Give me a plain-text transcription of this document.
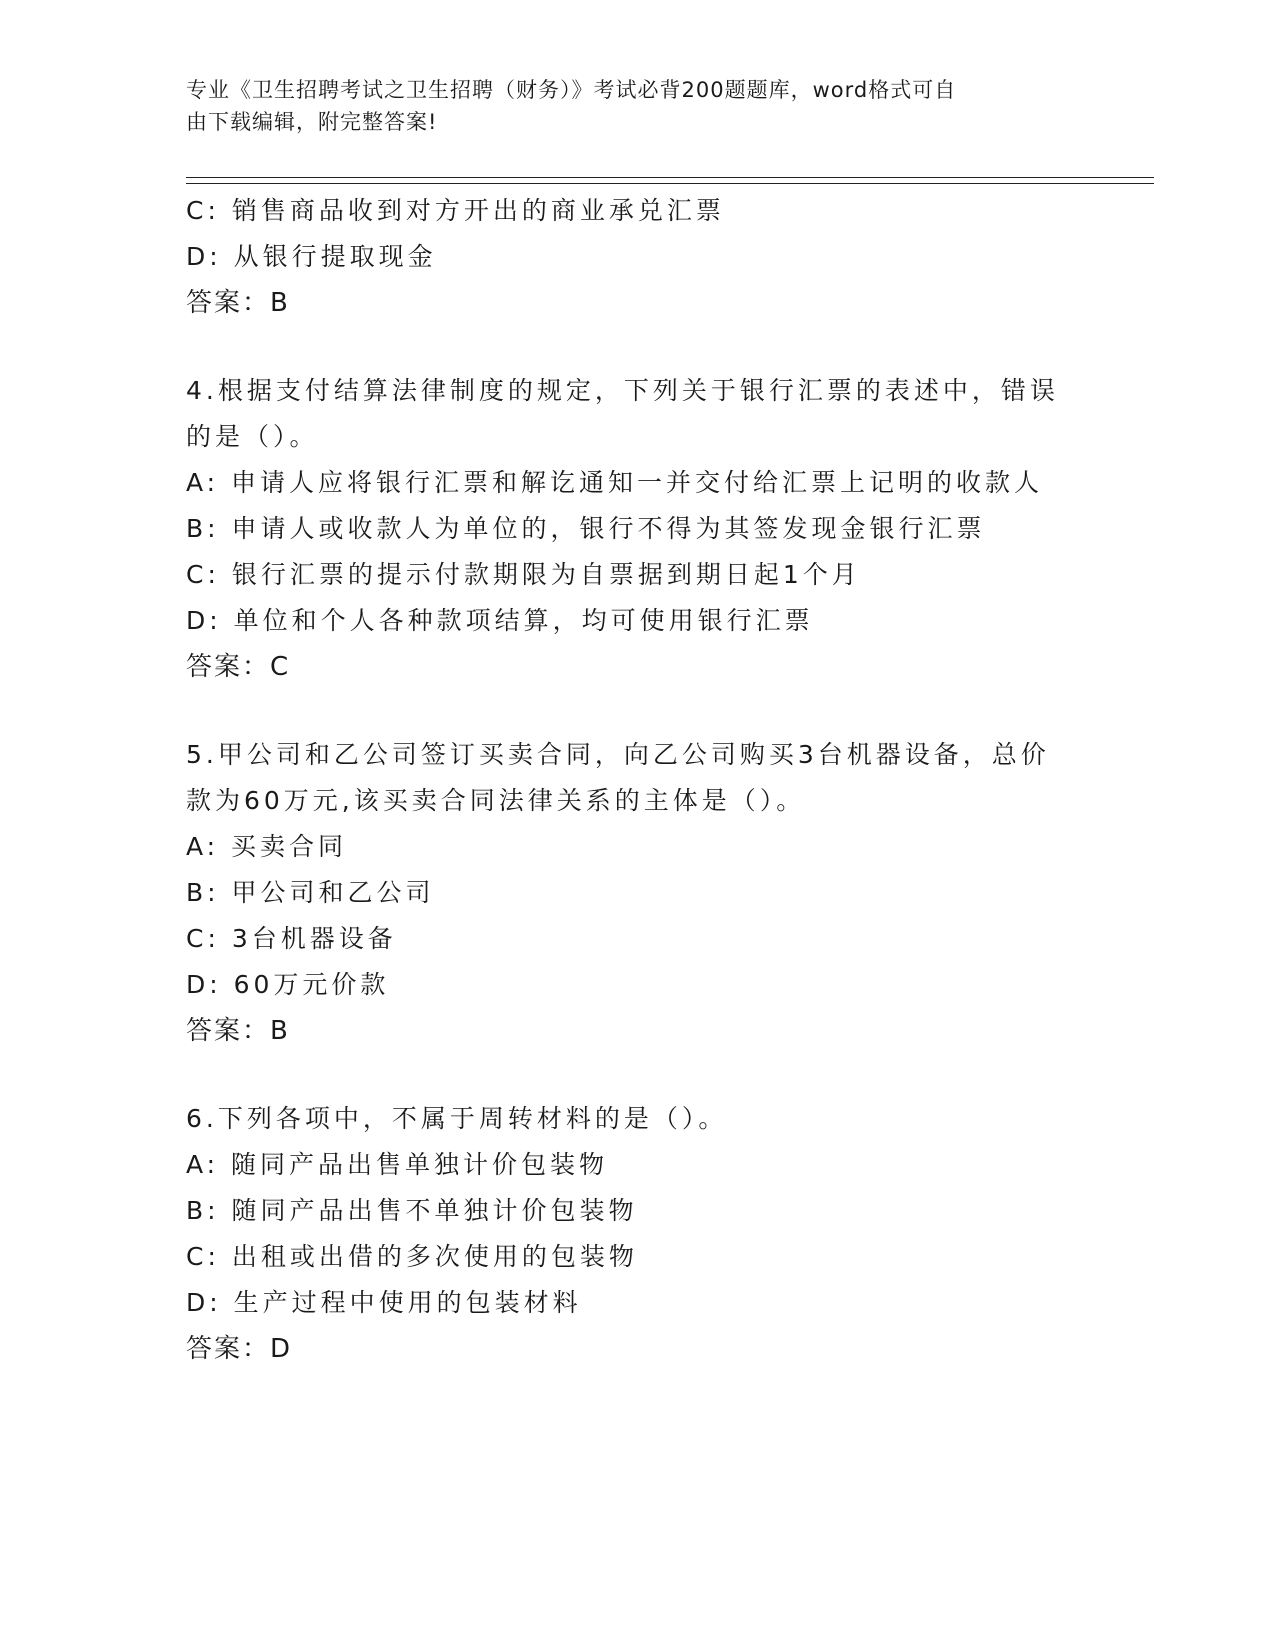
专业《卫生招聘考试之卫生招聘（财务）》考试必背200题题库，word格式可自
由下载编辑，附完整答案!
C: 销售商品收到对方开出的商业承兑汇票
D: 从银行提取现金
答案：B
4.根据支付结算法律制度的规定，下列关于银行汇票的表述中，错误
的是（）。
A: 申请人应将银行汇票和解讫通知一并交付给汇票上记明的收款人
B: 申请人或收款人为单位的，银行不得为其签发现金银行汇票
C: 银行汇票的提示付款期限为自票据到期日起1个月
D: 单位和个人各种款项结算，均可使用银行汇票
答案：C
5.甲公司和乙公司签订买卖合同，向乙公司购买3台机器设备，总价
款为60万元,该买卖合同法律关系的主体是（）。
A: 买卖合同
B: 甲公司和乙公司
C: 3台机器设备
D: 60万元价款
答案：B
6.下列各项中，不属于周转材料的是（）。
A: 随同产品出售单独计价包装物
B: 随同产品出售不单独计价包装物
C: 出租或出借的多次使用的包装物
D: 生产过程中使用的包装材料
答案：D
